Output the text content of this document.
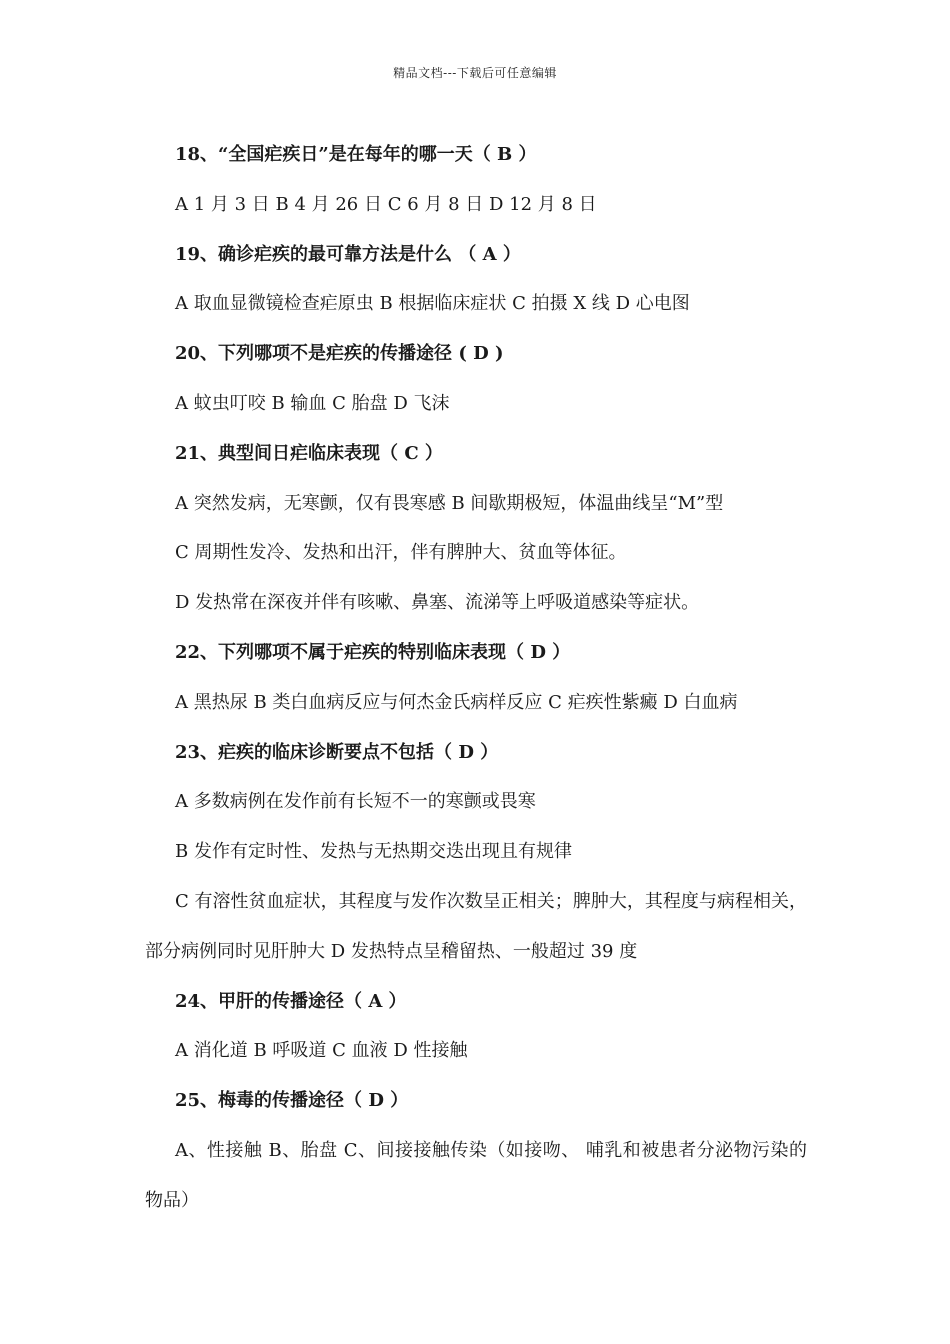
精品文档---下载后可任意编辑
18、“全国疟疾日”是在每年的哪一天（ B ）
A 1 月 3 日 B 4 月 26 日 C 6 月 8 日 D 12 月 8 日
19、确诊疟疾的最可靠方法是什么 （ A ）
A 取血显微镜检查疟原虫 B 根据临床症状 C 拍摄 X 线 D 心电图
20、下列哪项不是疟疾的传播途径 ( D )
A 蚊虫叮咬 B 输血 C 胎盘 D 飞沫
21、典型间日疟临床表现（ C ）
A 突然发病，无寒颤，仅有畏寒感 B 间歇期极短，体温曲线呈“M”型
C 周期性发冷、发热和出汗，伴有脾肿大、贫血等体征。
D 发热常在深夜并伴有咳嗽、鼻塞、流涕等上呼吸道感染等症状。
22、下列哪项不属于疟疾的特别临床表现（ D ）
A 黑热尿 B 类白血病反应与何杰金氏病样反应 C 疟疾性紫癜 D 白血病
23、疟疾的临床诊断要点不包括（ D ）
A 多数病例在发作前有长短不一的寒颤或畏寒
B 发作有定时性、发热与无热期交迭出现且有规律
C 有溶性贫血症状，其程度与发作次数呈正相关；脾肿大，其程度与病程相关，部分病例同时见肝肿大 D 发热特点呈稽留热、一般超过 39 度
24、甲肝的传播途径（ A ）
A 消化道 B 呼吸道 C 血液 D 性接触
25、梅毒的传播途径（ D ）
A、性接触 B、胎盘 C、间接接触传染（如接吻、 哺乳和被患者分泌物污染的物品）
